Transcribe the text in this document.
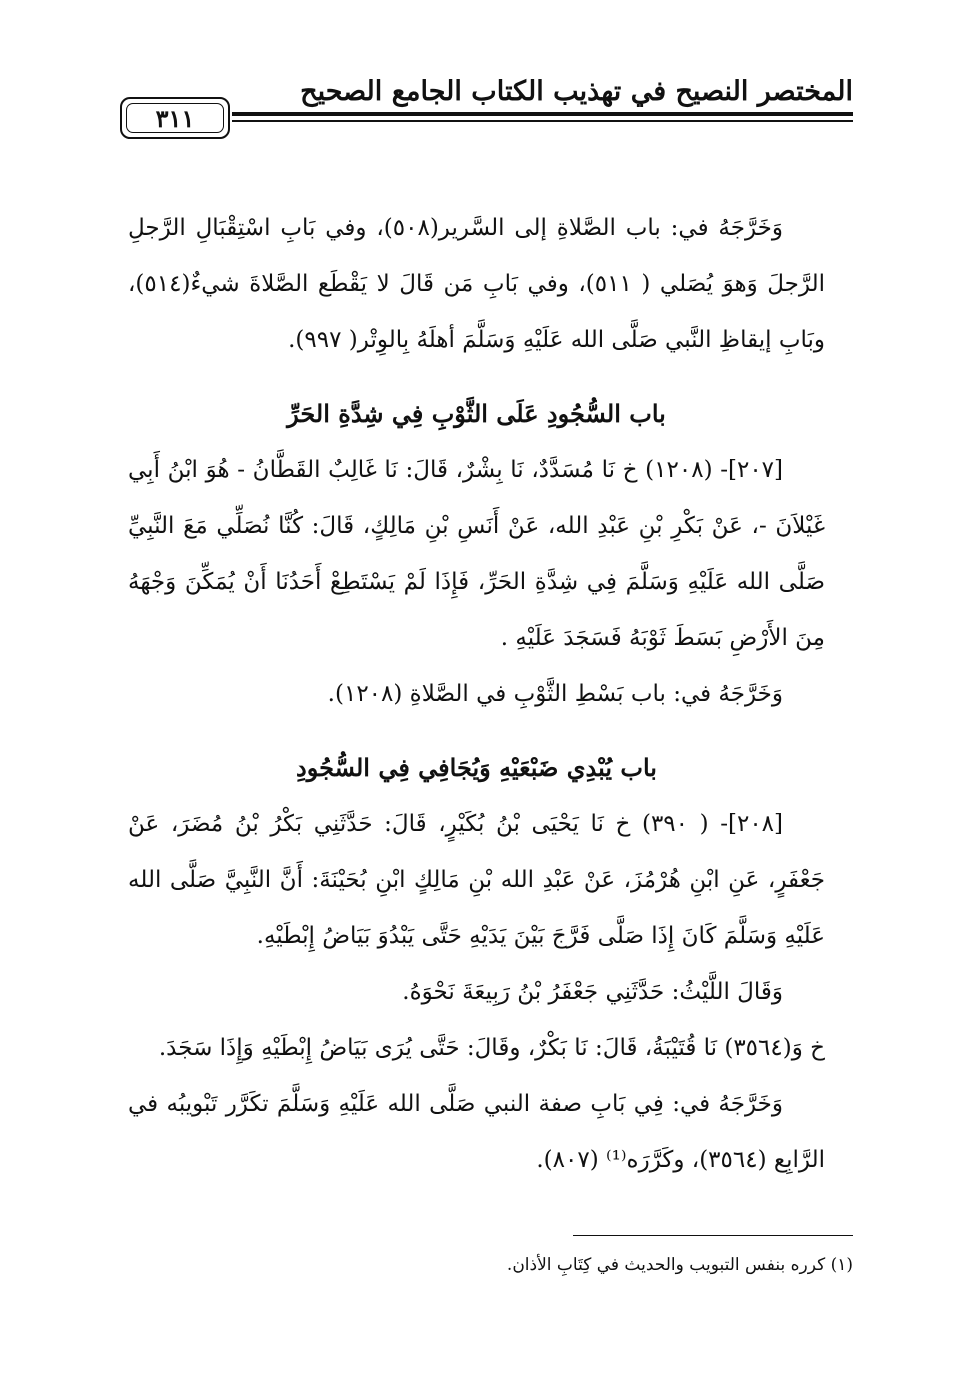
المختصر النصيح في تهذيب الكتاب الجامع الصحيح
٣١١

وَخَرَّجَهُ في: باب الصَّلاةِ إلى السَّرير(٥٠٨)، وفي بَابِ اسْتِقْبَالِ الرَّجلِ الرَّجلَ وَهوَ يُصَلي ( ٥١١)، وفي بَابِ مَن قَالَ لا يَقْطَع الصَّلاةَ شيءٌ(٥١٤)، وبَابِ إيقاظِ النَّبي صَلَّى الله عَلَيْهِ وَسَلَّمَ أهلَهُ بِالوِتْر( ٩٩٧).

باب السُّجُودِ عَلَى الثَّوْبِ فِي شِدَّةِ الحَرِّ

[٢٠٧]- (١٢٠٨) خ نَا مُسَدَّدٌ، نَا بِشْرٌ، قَالَ: نَا غَالِبٌ القَطَّانُ - هُوَ ابْنُ أَبِي غَيْلاَنَ -، عَنْ بَكْرِ بْنِ عَبْدِ الله، عَنْ أَنَسِ بْنِ مَالِكٍ، قَالَ: كُنَّا نُصَلِّي مَعَ النَّبِيِّ صَلَّى الله عَلَيْهِ وَسَلَّمَ فِي شِدَّةِ الحَرِّ، فَإِذَا لَمْ يَسْتَطِعْ أَحَدُنَا أَنْ يُمَكِّنَ وَجْهَهُ مِنَ الأَرْضِ بَسَطَ ثَوْبَهُ فَسَجَدَ عَلَيْهِ .

وَخَرَّجَهُ في: باب بَسْطِ الثَّوْبِ في الصَّلاةِ (١٢٠٨).

باب يُبْدِي ضَبْعَيْهِ وَيُجَافِي فِي السُّجُودِ

[٢٠٨]- ( ٣٩٠) خ نَا يَحْيَى بْنُ بُكَيْرٍ، قَالَ: حَدَّثَنِي بَكْرُ بْنُ مُضَرَ، عَنْ جَعْفَرٍ، عَنِ ابْنِ هُرْمُزَ، عَنْ عَبْدِ الله بْنِ مَالِكٍ ابْنِ بُحَيْنَةَ: أَنَّ النَّبِيَّ صَلَّى الله عَلَيْهِ وَسَلَّمَ كَانَ إِذَا صَلَّى فَرَّجَ بَيْنَ يَدَيْهِ حَتَّى يَبْدُوَ بَيَاضُ إِبْطَيْهِ.

وَقَالَ اللَّيْثُ: حَدَّثَنِي جَعْفَرُ بْنُ رَبِيعَةَ نَحْوَهُ.

خ وَ(٣٥٦٤) نَا قُتَيْبَةُ، قَالَ: نَا بَكْرٌ، وقَالَ: حَتَّى يُرَى بَيَاضُ إِبْطَيْهِ وَإِذَا سَجَدَ.

وَخَرَّجَهُ في: فِي بَابِ صفة النبي صَلَّى الله عَلَيْهِ وَسَلَّمَ تكَرَّر تَبْويبُه في الرَّابِع (٣٥٦٤)، وكَرَّرَه⁽¹⁾ (٨٠٧).

(١) كرره بنفس التبويب والحديث في كِتَابِ الأذان.
